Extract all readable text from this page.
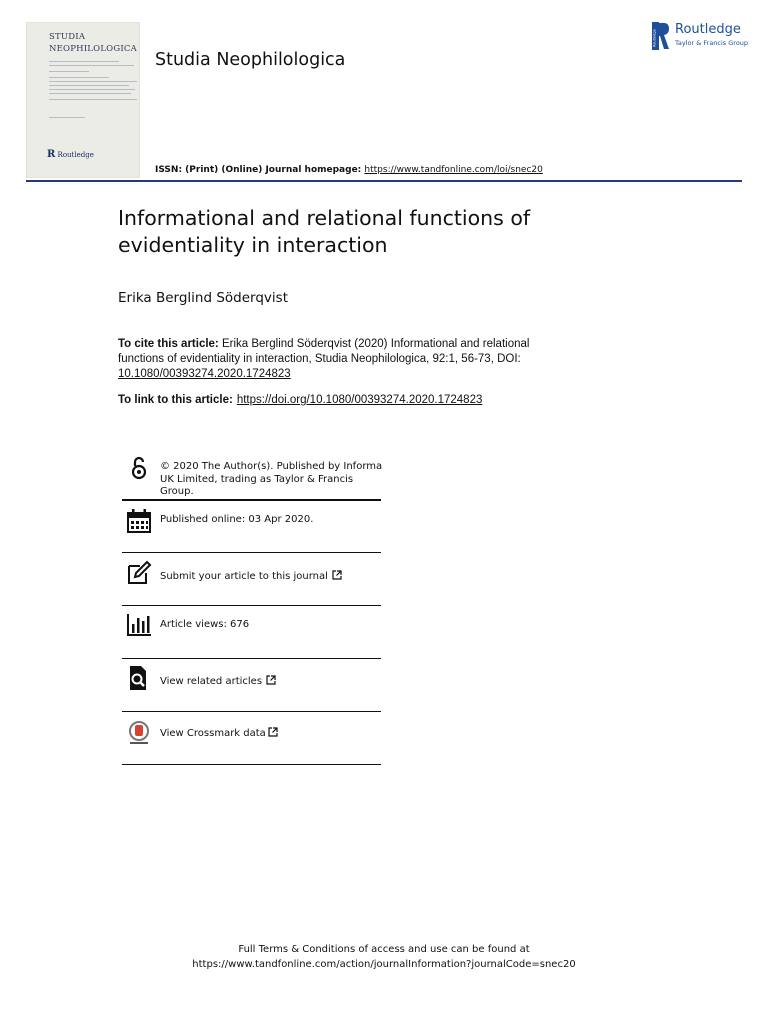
STUDIA
NEOPHILOLOGICA
R Routledge
Studia Neophilologica
Routledge Routledge
Taylor & Francis Group
ISSN: (Print) (Online) Journal homepage: https://www.tandfonline.com/loi/snec20
Informational and relational functions of evidentiality in interaction
Erika Berglind Söderqvist
To cite this article: Erika Berglind Söderqvist (2020) Informational and relational functions of evidentiality in interaction, Studia Neophilologica, 92:1, 56-73, DOI: 10.1080/00393274.2020.1724823
To link to this article: https://doi.org/10.1080/00393274.2020.1724823
© 2020 The Author(s). Published by Informa UK Limited, trading as Taylor & Francis Group.
Published online: 03 Apr 2020.
Submit your article to this journal
Article views: 676
View related articles
View Crossmark data
Full Terms & Conditions of access and use can be found at
https://www.tandfonline.com/action/journalInformation?journalCode=snec20
